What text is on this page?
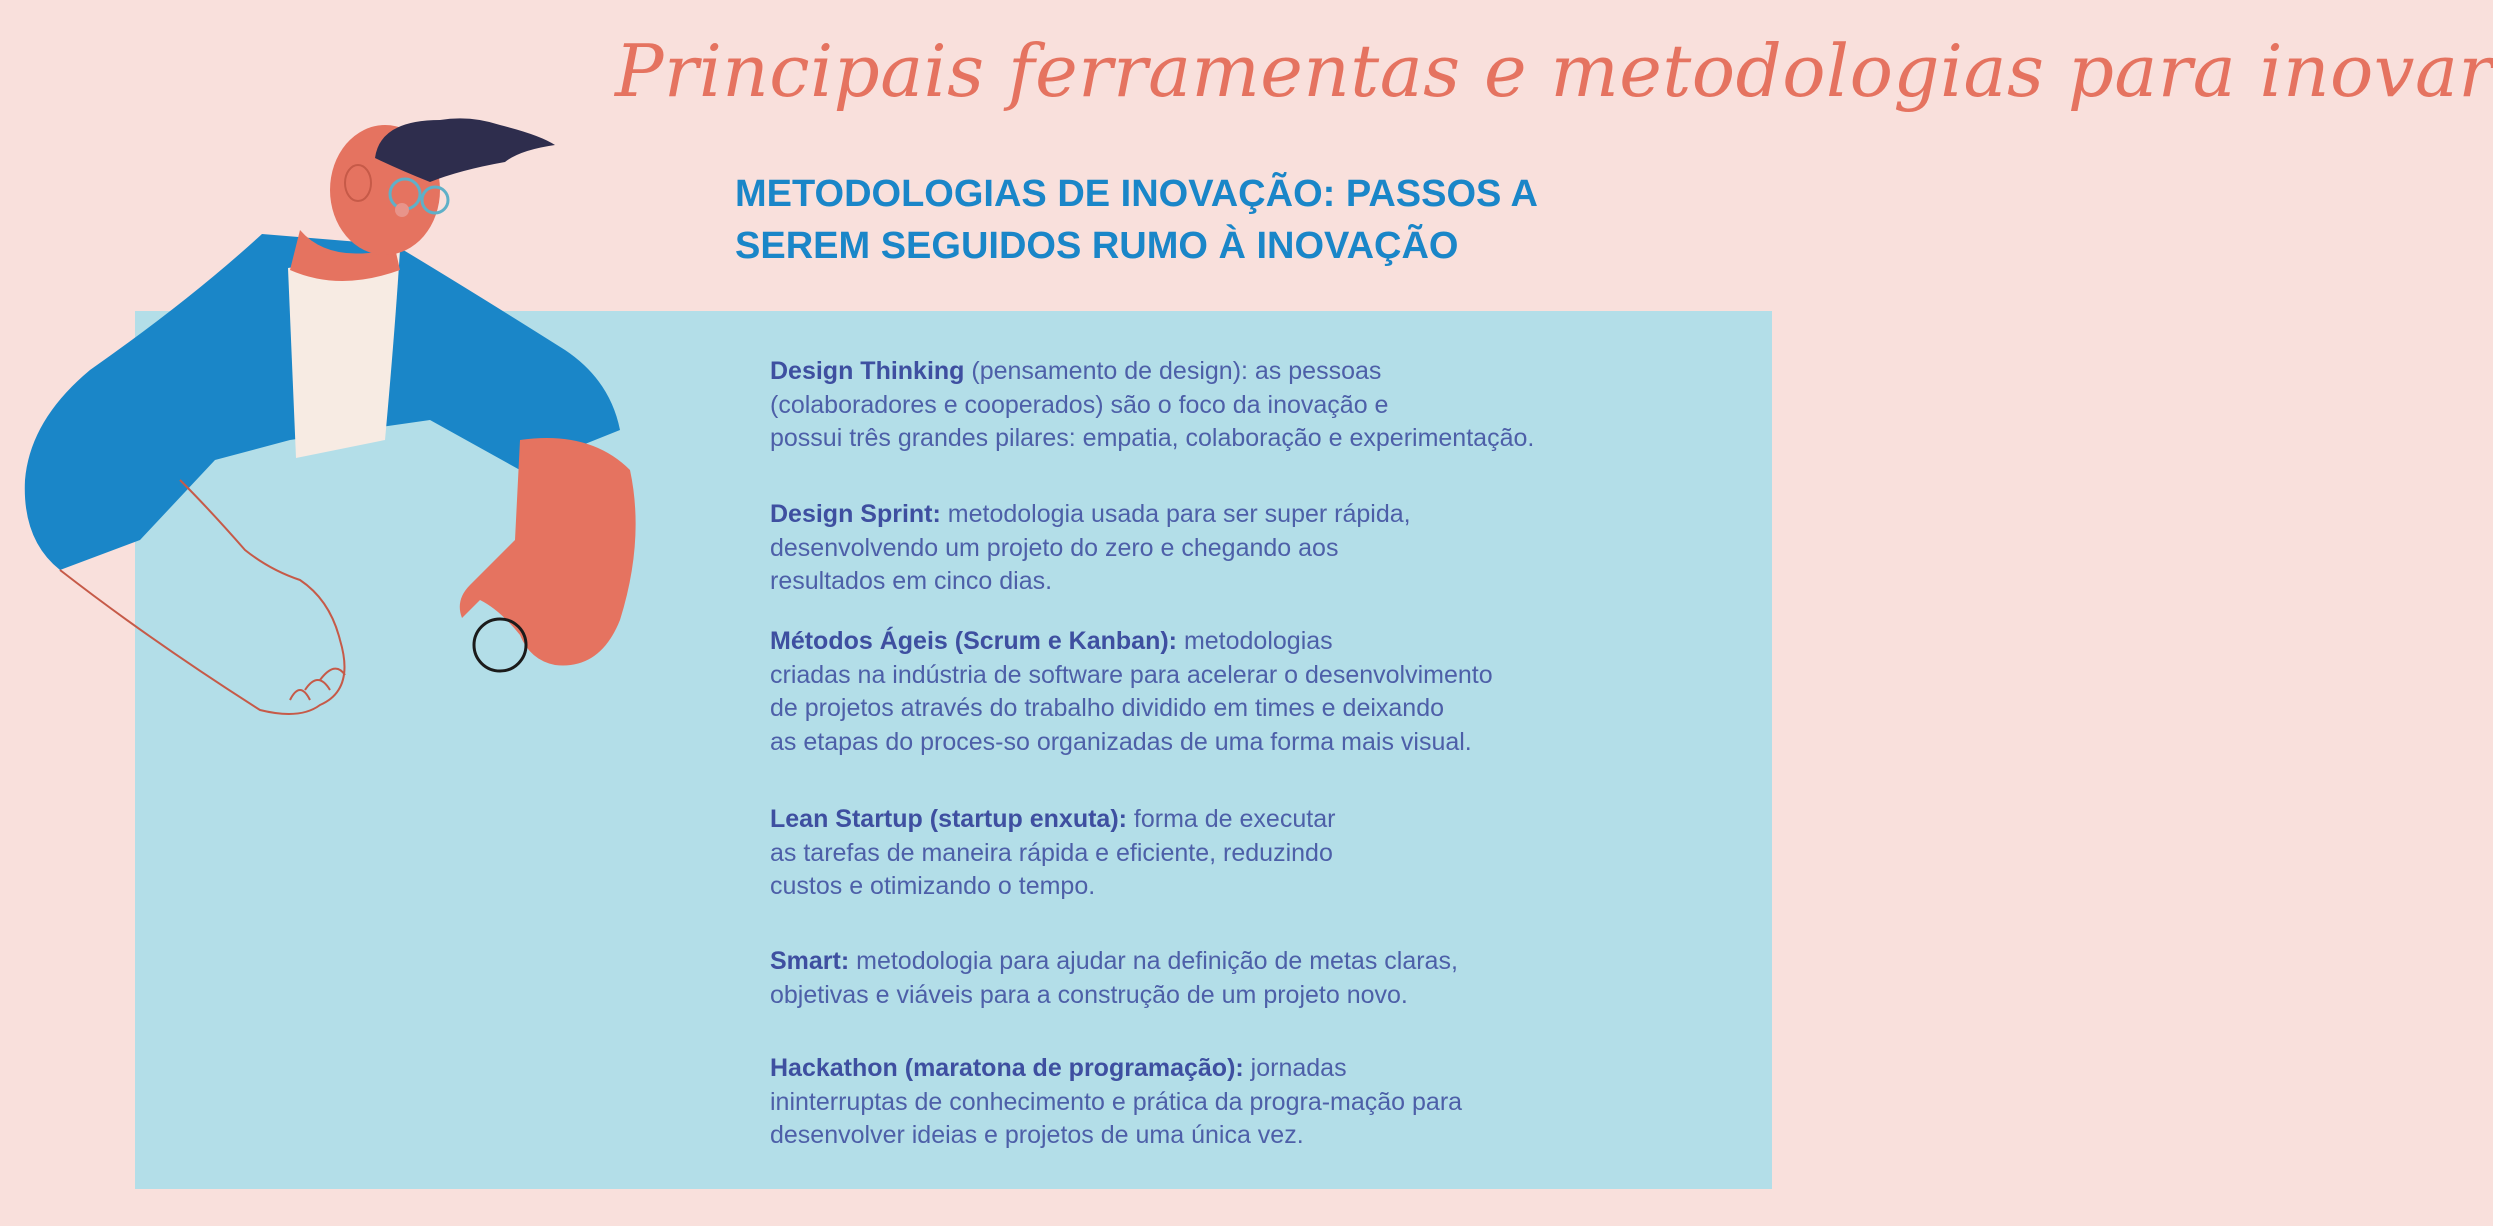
Principais ferramentas e metodologias para inovar
METODOLOGIAS DE INOVAÇÃO: PASSOS A
SEREM SEGUIDOS RUMO À INOVAÇÃO

Design Thinking (pensamento de design): as pessoas

(colaboradores e cooperados) são o foco da inovação e

possui três grandes pilares: empatia, colaboração e experimentação.

Design Sprint: metodologia usada para ser super rápida,

desenvolvendo um projeto do zero e chegando aos

resultados em cinco dias.

Métodos Ágeis (Scrum e Kanban): metodologias

criadas na indústria de software para acelerar o desenvolvimento

de projetos através do trabalho dividido em times e deixando

as etapas do proces-so organizadas de uma forma mais visual.

Lean Startup (startup enxuta): forma de executar

as tarefas de maneira rápida e eficiente, reduzindo

custos e otimizando o tempo.

Smart: metodologia para ajudar na definição de metas claras,

objetivas e viáveis para a construção de um projeto novo.

Hackathon (maratona de programação): jornadas

ininterruptas de conhecimento e prática da progra-mação para

desenvolver ideias e projetos de uma única vez.
